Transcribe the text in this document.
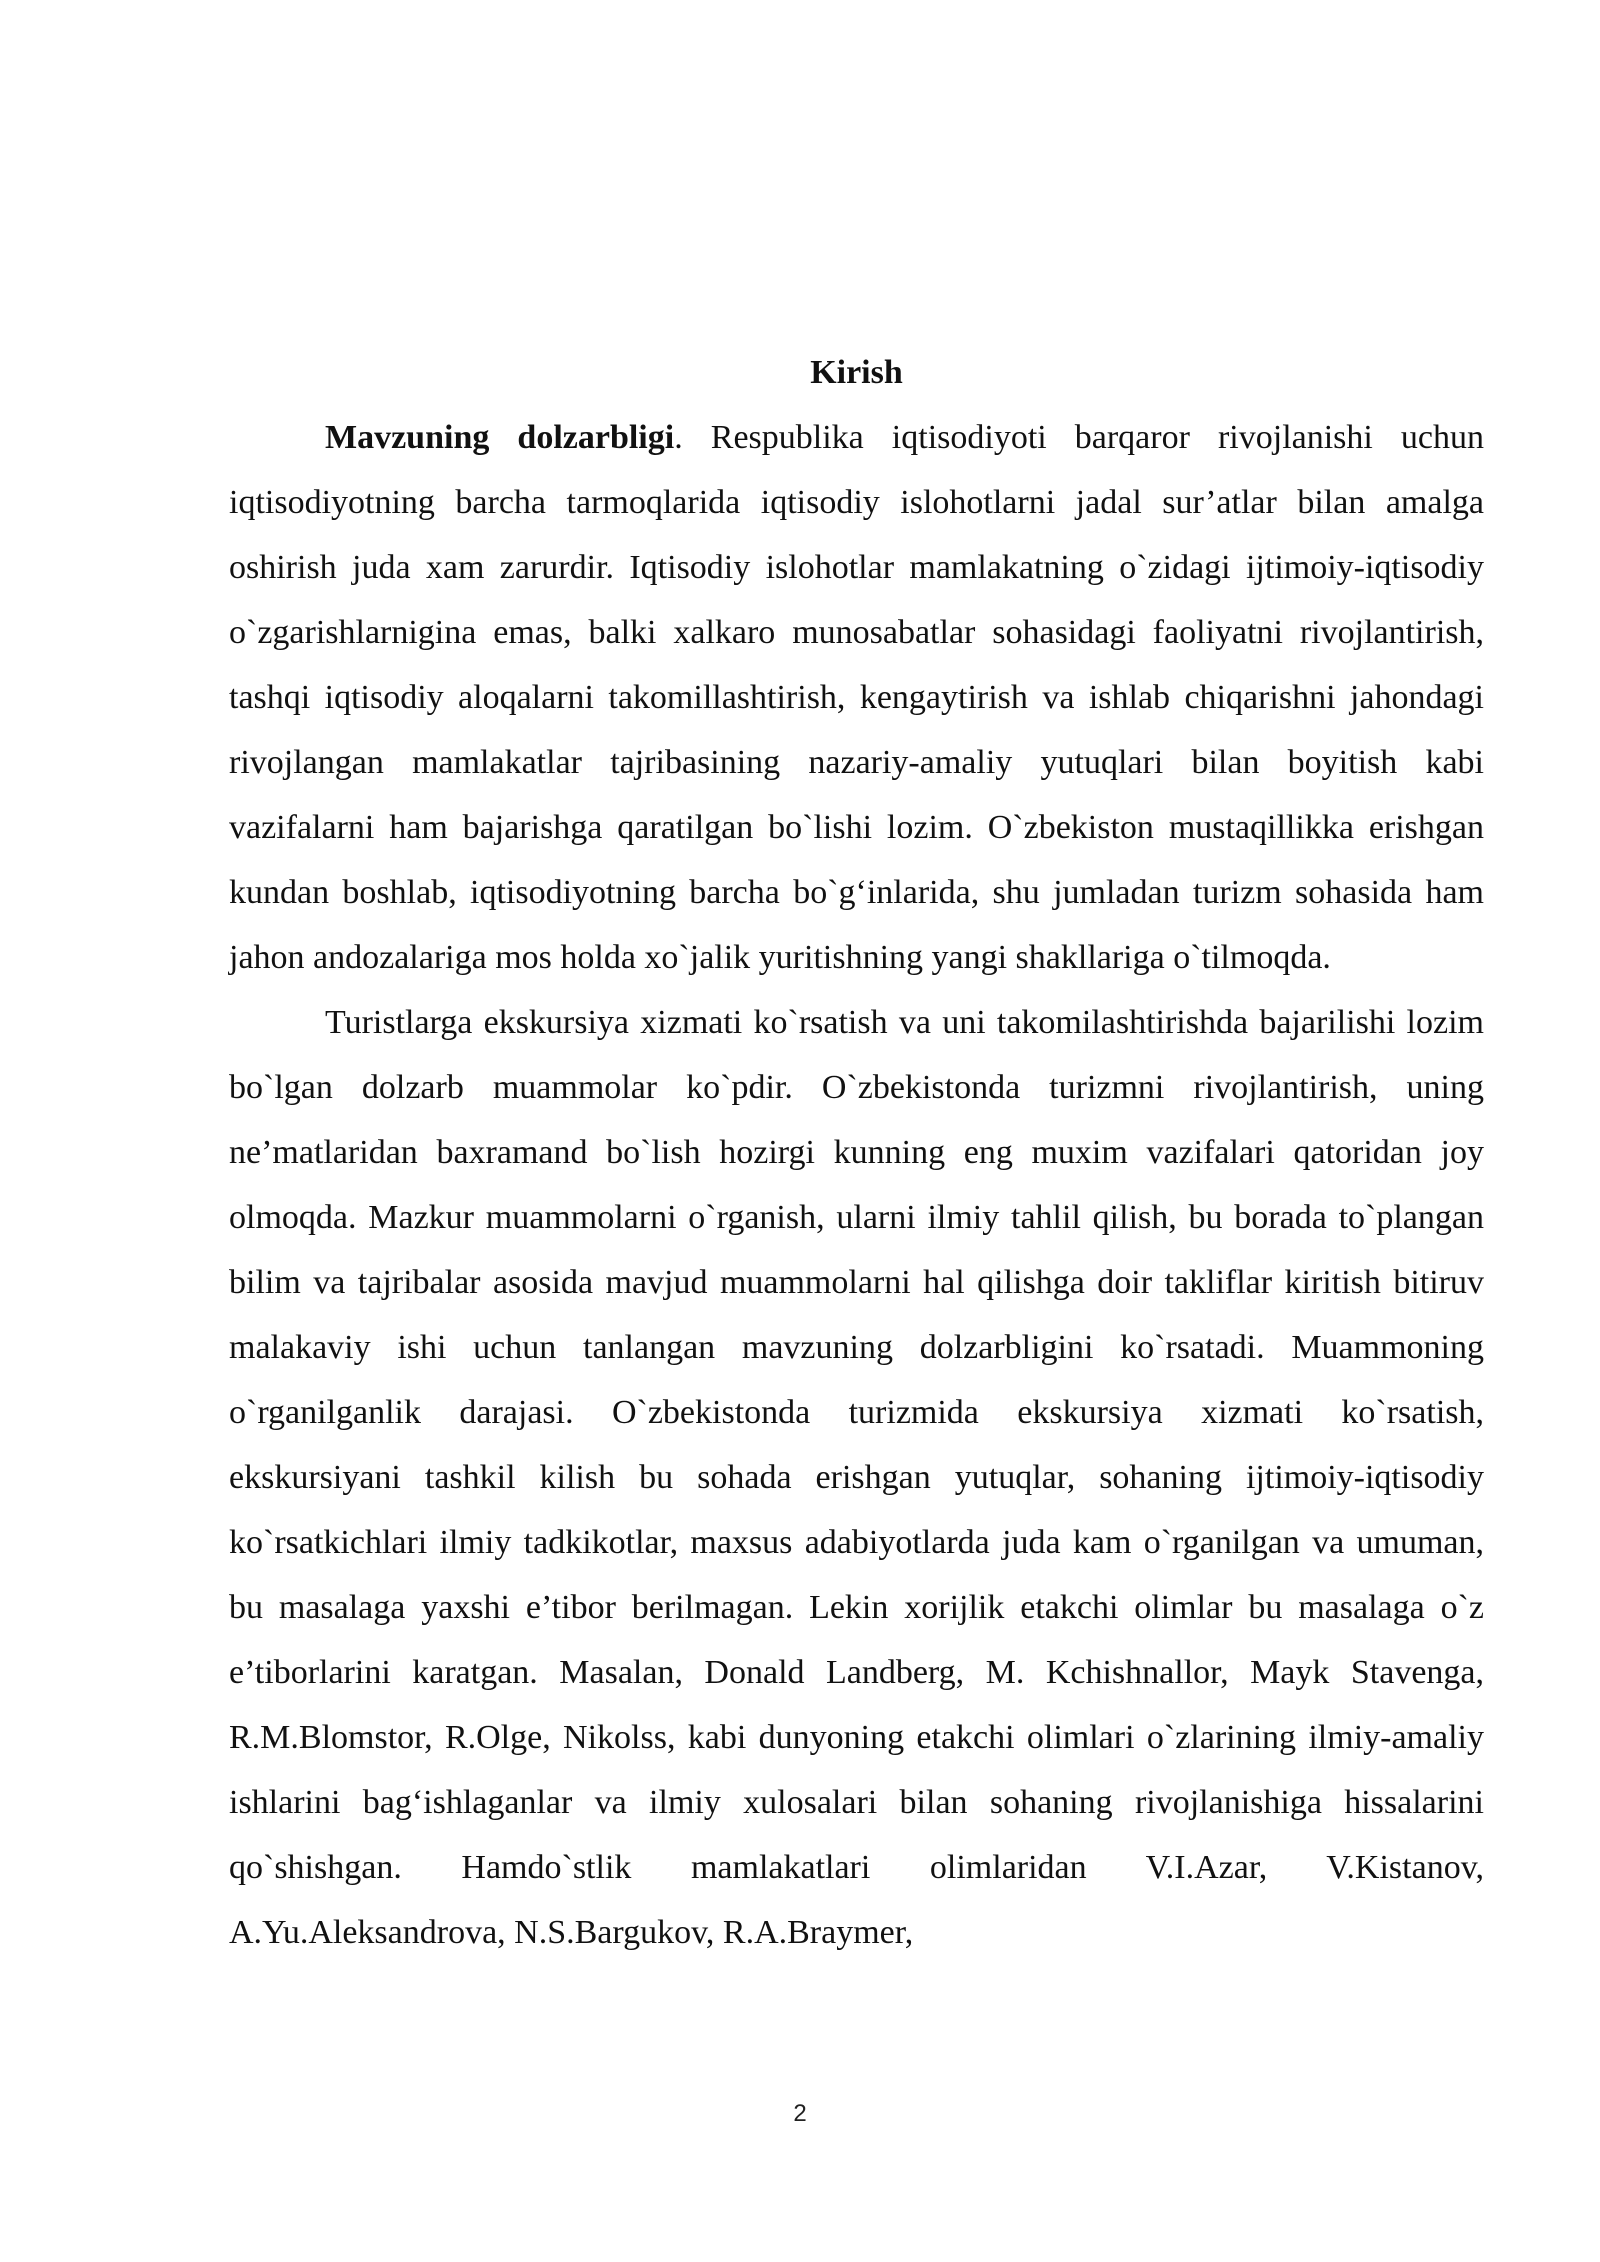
Kirish

Mavzuning dolzarbligi. Respublika iqtisodiyoti barqaror rivojlanishi uchun iqtisodiyotning barcha tarmoqlarida iqtisodiy islohotlarni jadal sur’atlar bilan amalga oshirish juda xam zarurdir. Iqtisodiy islohotlar mamlakatning o`zidagi ijtimoiy-iqtisodiy o`zgarishlarnigina emas, balki xalkaro munosabatlar sohasidagi faoliyatni rivojlantirish, tashqi iqtisodiy aloqalarni takomillashtirish, kengaytirish va ishlab chiqarishni jahondagi rivojlangan mamlakatlar tajribasining nazariy-amaliy yutuqlari bilan boyitish kabi vazifalarni ham bajarishga qaratilgan bo`lishi lozim. O`zbekiston mustaqillikka erishgan kundan boshlab, iqtisodiyotning barcha bo`g‘inlarida, shu jumladan turizm sohasida ham jahon andozalariga mos holda xo`jalik yuritishning yangi shakllariga o`tilmoqda.

Turistlarga ekskursiya xizmati ko`rsatish va uni takomilashtirishda bajarilishi lozim bo`lgan dolzarb muammolar ko`pdir. O`zbekistonda turizmni rivojlantirish, uning ne’matlaridan baxramand bo`lish hozirgi kunning eng muxim vazifalari qatoridan joy olmoqda. Mazkur muammolarni o`rganish, ularni ilmiy tahlil qilish, bu borada to`plangan bilim va tajribalar asosida mavjud muammolarni hal qilishga doir takliflar kiritish bitiruv malakaviy ishi uchun tanlangan mavzuning dolzarbligini ko`rsatadi. Muammoning o`rganilganlik darajasi. O`zbekistonda turizmida ekskursiya xizmati ko`rsatish, ekskursiyani tashkil kilish bu sohada erishgan yutuqlar, sohaning ijtimoiy-iqtisodiy ko`rsatkichlari ilmiy tadkikotlar, maxsus adabiyotlarda juda kam o`rganilgan va umuman, bu masalaga yaxshi e’tibor berilmagan. Lekin xorijlik etakchi olimlar bu masalaga o`z e’tiborlarini karatgan. Masalan, Donald Landberg, M. Kchishnallor, Mayk Stavenga, R.M.Blomstor, R.Olge, Nikolss, kabi dunyoning etakchi olimlari o`zlarining ilmiy-amaliy ishlarini bag‘ishlaganlar va ilmiy xulosalari bilan sohaning rivojlanishiga hissalarini qo`shishgan. Hamdo`stlik mamlakatlari olimlaridan V.I.Azar, V.Kistanov, A.Yu.Aleksandrova, N.S.Bargukov, R.A.Braymer,

2
